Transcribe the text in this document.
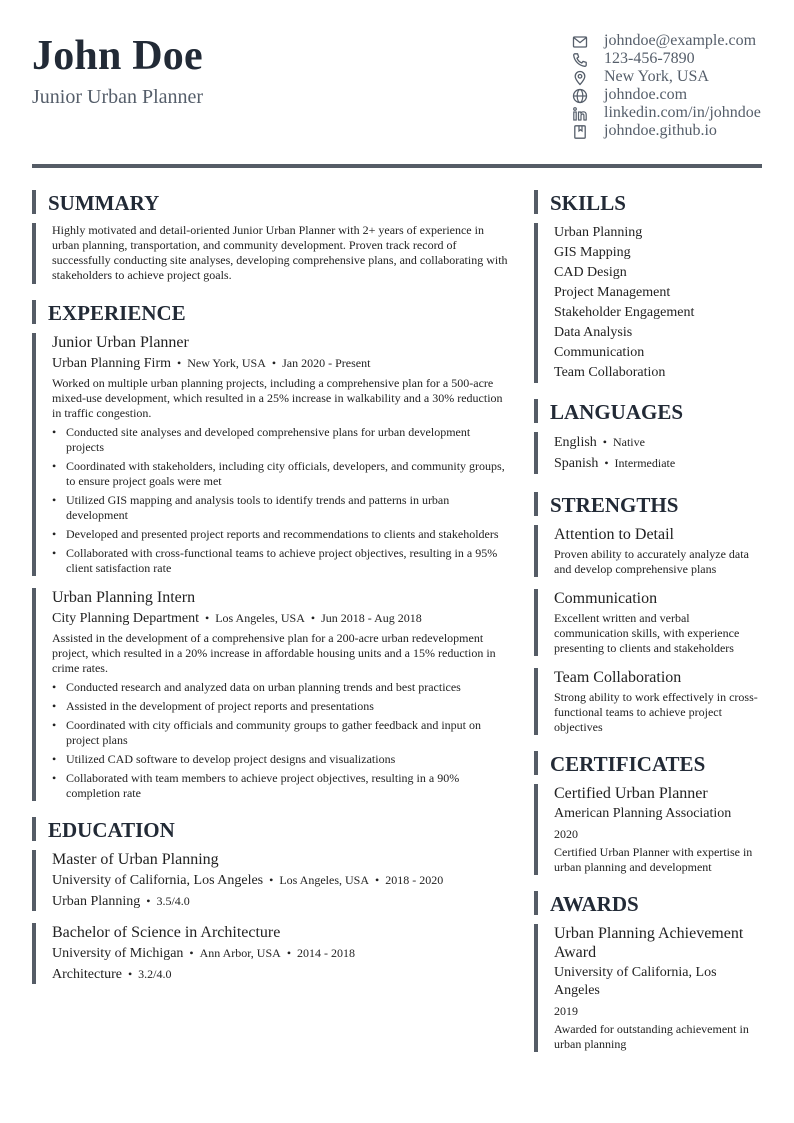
John Doe
Junior Urban Planner
johndoe@example.com
123-456-7890
New York, USA
johndoe.com
linkedin.com/in/johndoe
johndoe.github.io
SUMMARY
Highly motivated and detail-oriented Junior Urban Planner with 2+ years of experience in urban planning, transportation, and community development. Proven track record of successfully conducting site analyses, developing comprehensive plans, and collaborating with stakeholders to achieve project goals.
EXPERIENCE
Junior Urban Planner
Urban Planning Firm • New York, USA • Jan 2020 - Present
Worked on multiple urban planning projects, including a comprehensive plan for a 500-acre mixed-use development, which resulted in a 25% increase in walkability and a 30% reduction in traffic congestion.
• Conducted site analyses and developed comprehensive plans for urban development projects
• Coordinated with stakeholders, including city officials, developers, and community groups, to ensure project goals were met
• Utilized GIS mapping and analysis tools to identify trends and patterns in urban development
• Developed and presented project reports and recommendations to clients and stakeholders
• Collaborated with cross-functional teams to achieve project objectives, resulting in a 95% client satisfaction rate
Urban Planning Intern
City Planning Department • Los Angeles, USA • Jun 2018 - Aug 2018
Assisted in the development of a comprehensive plan for a 200-acre urban redevelopment project, which resulted in a 20% increase in affordable housing units and a 15% reduction in crime rates.
• Conducted research and analyzed data on urban planning trends and best practices
• Assisted in the development of project reports and presentations
• Coordinated with city officials and community groups to gather feedback and input on project plans
• Utilized CAD software to develop project designs and visualizations
• Collaborated with team members to achieve project objectives, resulting in a 90% completion rate
EDUCATION
Master of Urban Planning
University of California, Los Angeles • Los Angeles, USA • 2018 - 2020
Urban Planning • 3.5/4.0
Bachelor of Science in Architecture
University of Michigan • Ann Arbor, USA • 2014 - 2018
Architecture • 3.2/4.0
SKILLS
Urban Planning
GIS Mapping
CAD Design
Project Management
Stakeholder Engagement
Data Analysis
Communication
Team Collaboration
LANGUAGES
English • Native
Spanish • Intermediate
STRENGTHS
Attention to Detail
Proven ability to accurately analyze data and develop comprehensive plans
Communication
Excellent written and verbal communication skills, with experience presenting to clients and stakeholders
Team Collaboration
Strong ability to work effectively in cross-functional teams to achieve project objectives
CERTIFICATES
Certified Urban Planner
American Planning Association
2020
Certified Urban Planner with expertise in urban planning and development
AWARDS
Urban Planning Achievement Award
University of California, Los Angeles
2019
Awarded for outstanding achievement in urban planning
